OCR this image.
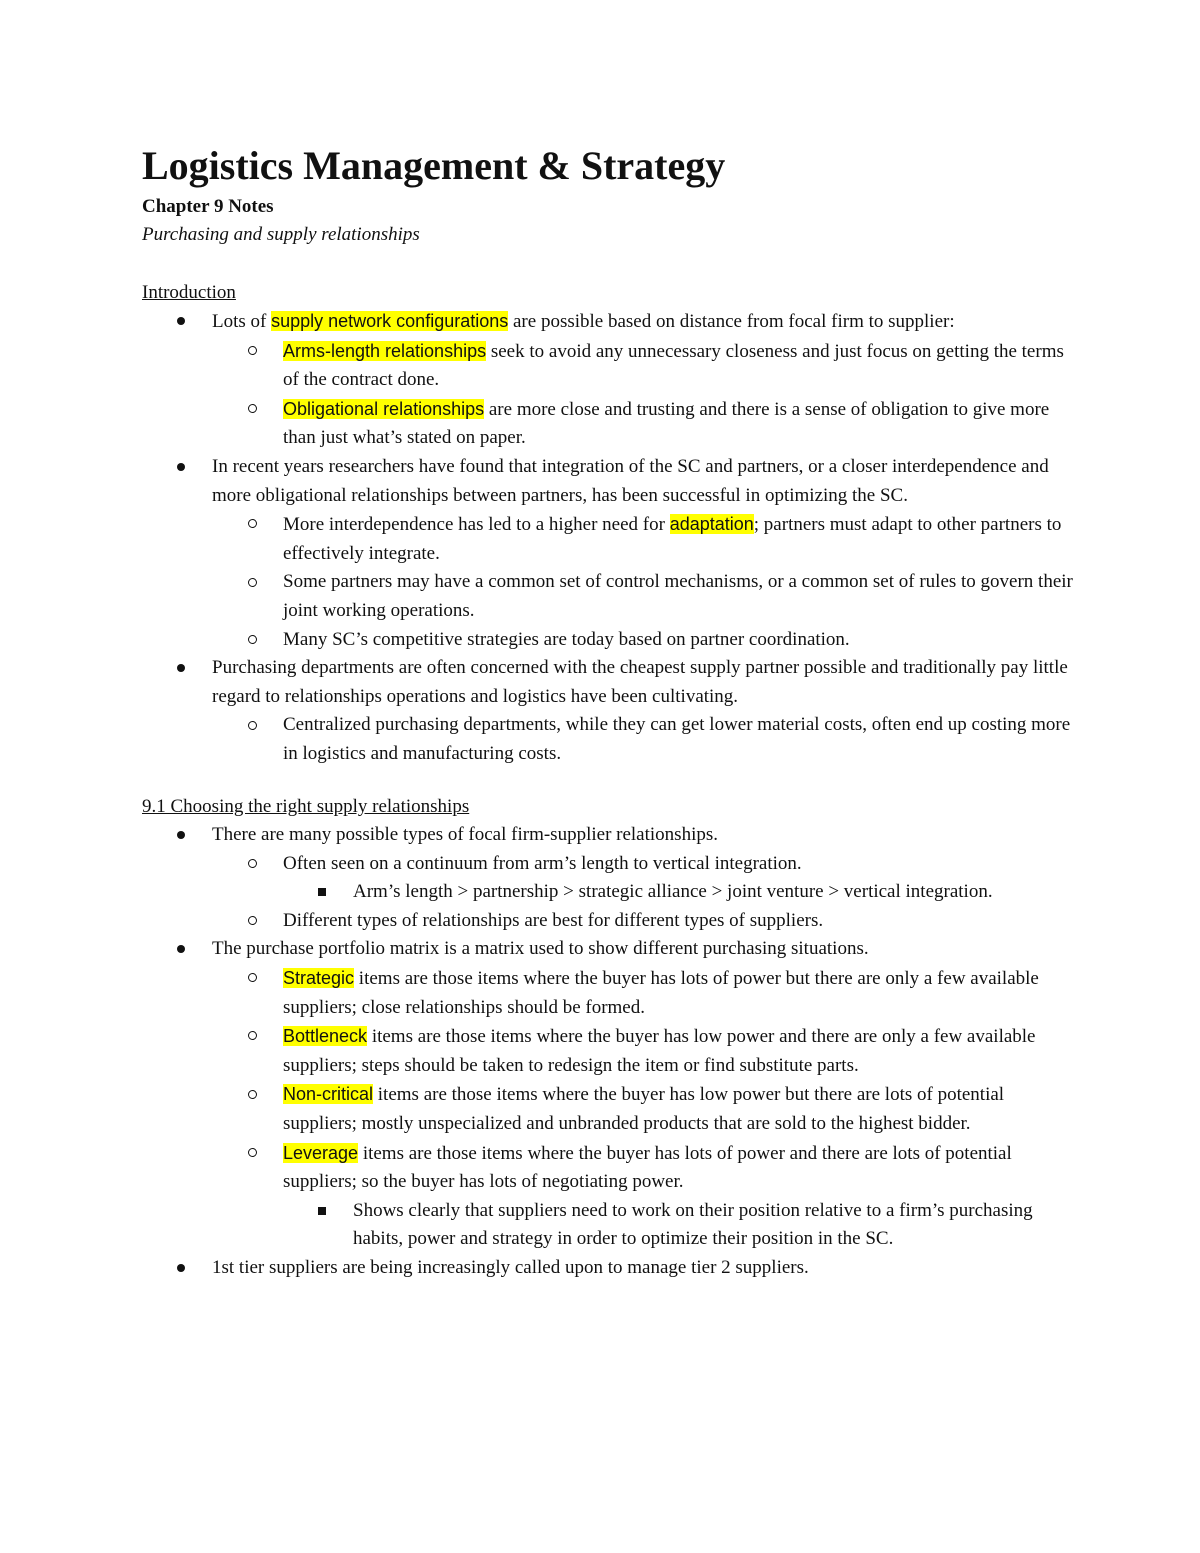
Logistics Management & Strategy

Chapter 9 Notes

Purchasing and supply relationships

Introduction

Lots of supply network configurations are possible based on distance from focal firm to supplier:
Arms-length relationships seek to avoid any unnecessary closeness and just focus on getting the terms of the contract done.
Obligational relationships are more close and trusting and there is a sense of obligation to give more than just what’s stated on paper.
In recent years researchers have found that integration of the SC and partners, or a closer interdependence and more obligational relationships between partners, has been successful in optimizing the SC.
More interdependence has led to a higher need for adaptation; partners must adapt to other partners to effectively integrate.
Some partners may have a common set of control mechanisms, or a common set of rules to govern their joint working operations.
Many SC’s competitive strategies are today based on partner coordination.
Purchasing departments are often concerned with the cheapest supply partner possible and traditionally pay little regard to relationships operations and logistics have been cultivating.
Centralized purchasing departments, while they can get lower material costs, often end up costing more in logistics and manufacturing costs.

9.1 Choosing the right supply relationships

There are many possible types of focal firm-supplier relationships.
Often seen on a continuum from arm’s length to vertical integration.
Arm’s length > partnership > strategic alliance > joint venture > vertical integration.
Different types of relationships are best for different types of suppliers.
The purchase portfolio matrix is a matrix used to show different purchasing situations.
Strategic items are those items where the buyer has lots of power but there are only a few available suppliers; close relationships should be formed.
Bottleneck items are those items where the buyer has low power and there are only a few available suppliers; steps should be taken to redesign the item or find substitute parts.
Non-critical items are those items where the buyer has low power but there are lots of potential suppliers; mostly unspecialized and unbranded products that are sold to the highest bidder.
Leverage items are those items where the buyer has lots of power and there are lots of potential suppliers; so the buyer has lots of negotiating power.
Shows clearly that suppliers need to work on their position relative to a firm’s purchasing habits, power and strategy in order to optimize their position in the SC.
1st tier suppliers are being increasingly called upon to manage tier 2 suppliers.
